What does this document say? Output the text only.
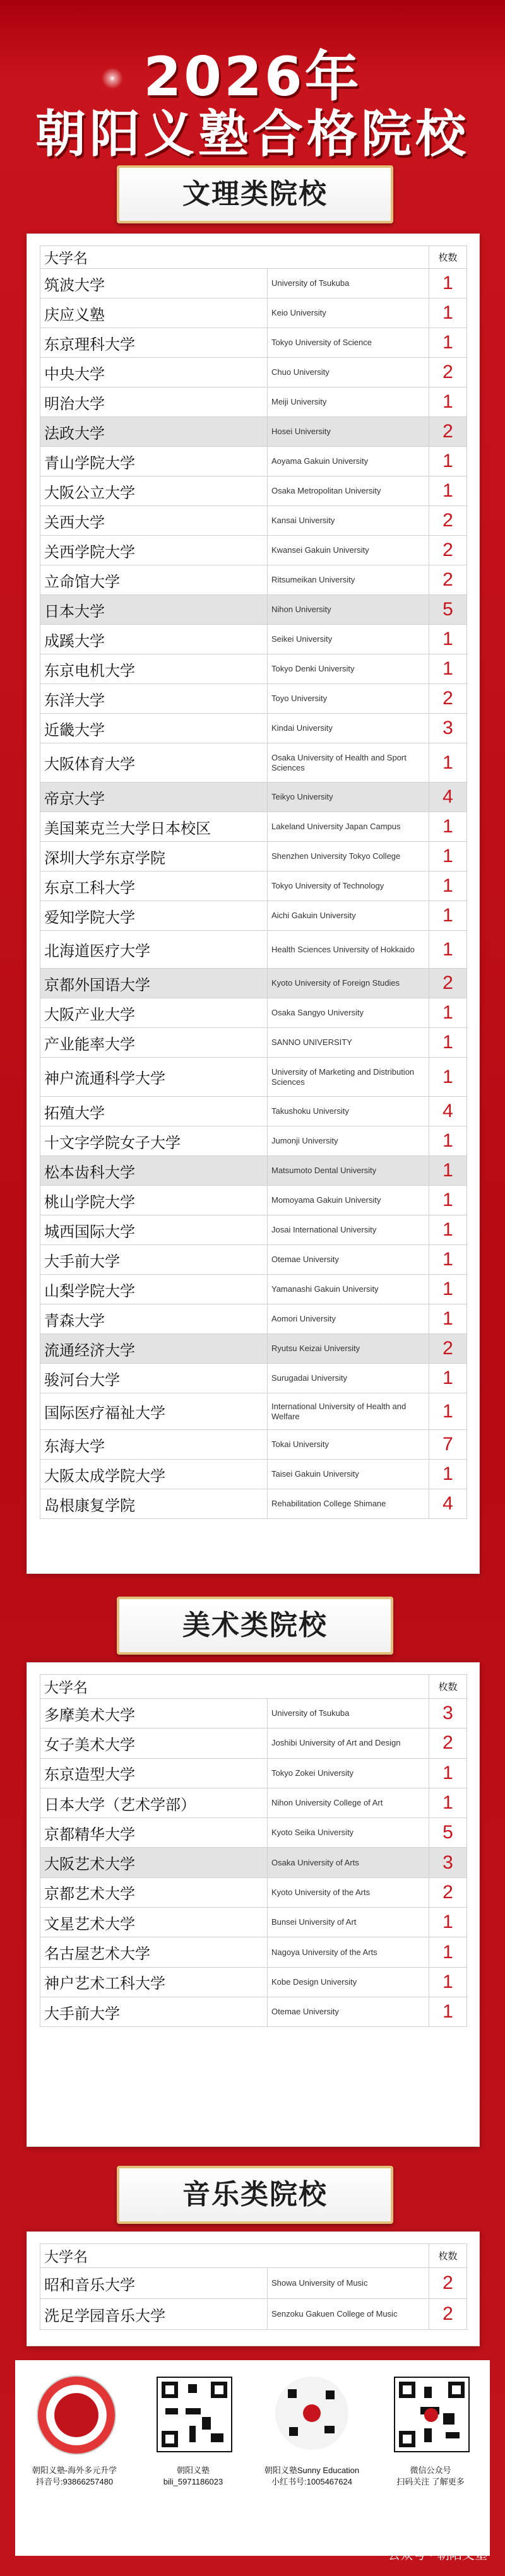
2026年
朝阳义塾合格院校
文理类院校
大学名		枚数
筑波大学	University of Tsukuba	1
庆应义塾	Keio University	1
东京理科大学	Tokyo University of Science	1
中央大学	Chuo University	2
明治大学	Meiji University	1
法政大学	Hosei University	2
青山学院大学	Aoyama Gakuin University	1
大阪公立大学	Osaka Metropolitan University	1
关西大学	Kansai University	2
关西学院大学	Kwansei Gakuin University	2
立命馆大学	Ritsumeikan University	2
日本大学	Nihon University	5
成蹊大学	Seikei University	1
东京电机大学	Tokyo Denki University	1
东洋大学	Toyo University	2
近畿大学	Kindai University	3
大阪体育大学	Osaka University of Health and Sport Sciences	1
帝京大学	Teikyo University	4
美国莱克兰大学日本校区	Lakeland University Japan Campus	1
深圳大学东京学院	Shenzhen University Tokyo College	1
东京工科大学	Tokyo University of Technology	1
爱知学院大学	Aichi Gakuin University	1
北海道医疗大学	Health Sciences University of Hokkaido	1
京都外国语大学	Kyoto University of Foreign Studies	2
大阪产业大学	Osaka Sangyo University	1
产业能率大学	SANNO UNIVERSITY	1
神户流通科学大学	University of Marketing and Distribution Sciences	1
拓殖大学	Takushoku University	4
十文字学院女子大学	Jumonji University	1
松本齿科大学	Matsumoto Dental University	1
桃山学院大学	Momoyama Gakuin University	1
城西国际大学	Josai International University	1
大手前大学	Otemae University	1
山梨学院大学	Yamanashi Gakuin University	1
青森大学	Aomori University	1
流通经济大学	Ryutsu Keizai University	2
骏河台大学	Surugadai University	1
国际医疗福祉大学	International University of Health and Welfare	1
东海大学	Tokai University	7
大阪太成学院大学	Taisei Gakuin University	1
岛根康复学院	Rehabilitation College Shimane	4
美术类院校
大学名		枚数
多摩美术大学	University of Tsukuba	3
女子美术大学	Joshibi University of Art and Design	2
东京造型大学	Tokyo Zokei University	1
日本大学（艺术学部）	Nihon University College of Art	1
京都精华大学	Kyoto Seika University	5
大阪艺术大学	Osaka University of Arts	3
京都艺术大学	Kyoto University of the Arts	2
文星艺术大学	Bunsei University of Art	1
名古屋艺术大学	Nagoya University of the Arts	1
神户艺术工科大学	Kobe Design University	1
大手前大学	Otemae University	1
音乐类院校
大学名		枚数
昭和音乐大学	Showa University of Music	2
洗足学园音乐大学	Senzoku Gakuen College of Music	2
朝阳义塾-海外多元升学
抖音号:93866257480
朝阳义塾
bili_5971186023
朝阳义塾Sunny Education
小红书号:1005467624
微信公众号
扫码关注 了解更多
公众号 · 朝阳义塾
